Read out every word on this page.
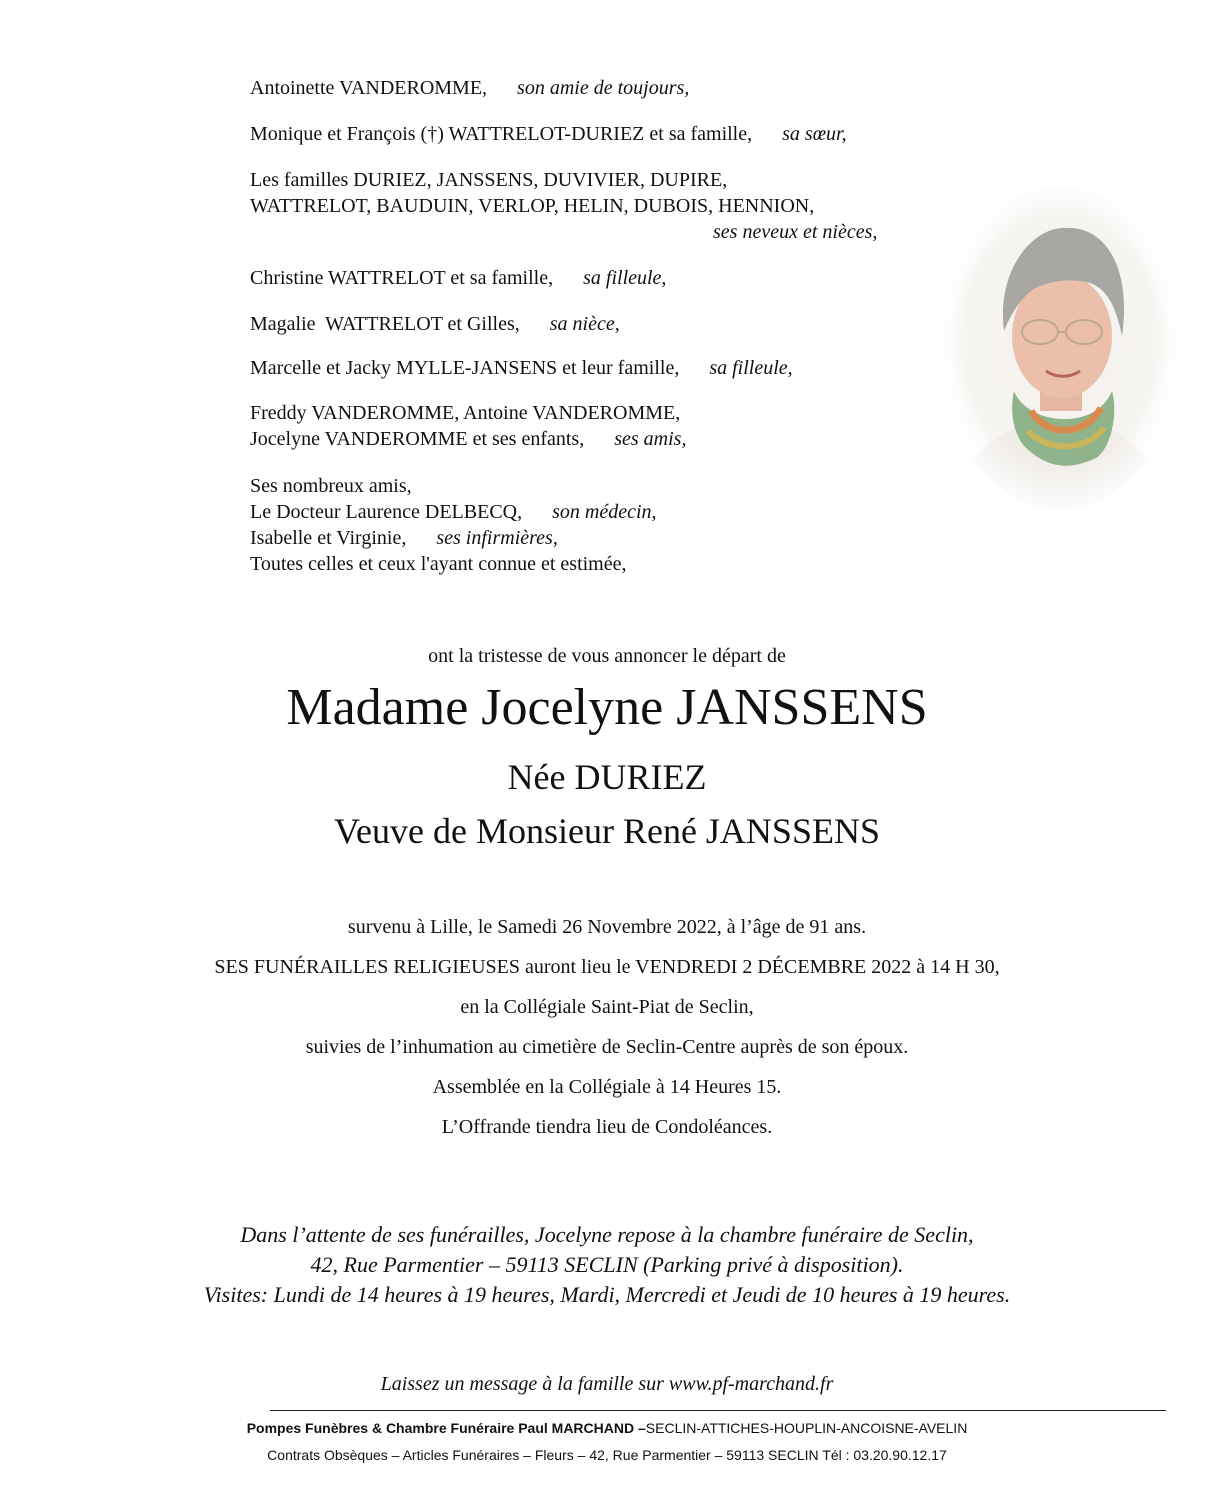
Antoinette VANDEROMME, son amie de toujours,
Monique et François (†) WATTRELOT-DURIEZ et sa famille, sa sœur,
Les familles DURIEZ, JANSSENS, DUVIVIER, DUPIRE,
WATTRELOT, BAUDUIN, VERLOP, HELIN, DUBOIS, HENNION,
ses neveux et nièces,
Christine WATTRELOT et sa famille, sa filleule,
Magalie  WATTRELOT et Gilles, sa nièce,
Marcelle et Jacky MYLLE-JANSENS et leur famille, sa filleule,
Freddy VANDEROMME, Antoine VANDEROMME,
Jocelyne VANDEROMME et ses enfants, ses amis,
Ses nombreux amis,
Le Docteur Laurence DELBECQ, son médecin,
Isabelle et Virginie, ses infirmières,
Toutes celles et ceux l'ayant connue et estimée,
ont la tristesse de vous annoncer le départ de
Madame Jocelyne JANSSENS
Née DURIEZ
Veuve de Monsieur René JANSSENS
survenu à Lille, le Samedi 26 Novembre 2022, à l’âge de 91 ans.
SES FUNÉRAILLES RELIGIEUSES auront lieu le VENDREDI 2 DÉCEMBRE 2022 à 14 H 30,
en la Collégiale Saint-Piat de Seclin,
suivies de l’inhumation au cimetière de Seclin-Centre auprès de son époux.
Assemblée en la Collégiale à 14 Heures 15.
L’Offrande tiendra lieu de Condoléances.
Dans l’attente de ses funérailles, Jocelyne repose à la chambre funéraire de Seclin,
42, Rue Parmentier – 59113 SECLIN (Parking privé à disposition).
Visites: Lundi de 14 heures à 19 heures, Mardi, Mercredi et Jeudi de 10 heures à 19 heures.
Laissez un message à la famille sur www.pf-marchand.fr
Pompes Funèbres & Chambre Funéraire Paul MARCHAND –SECLIN-ATTICHES-HOUPLIN-ANCOISNE-AVELIN
Contrats Obsèques – Articles Funéraires – Fleurs – 42, Rue Parmentier – 59113 SECLIN Tél : 03.20.90.12.17
